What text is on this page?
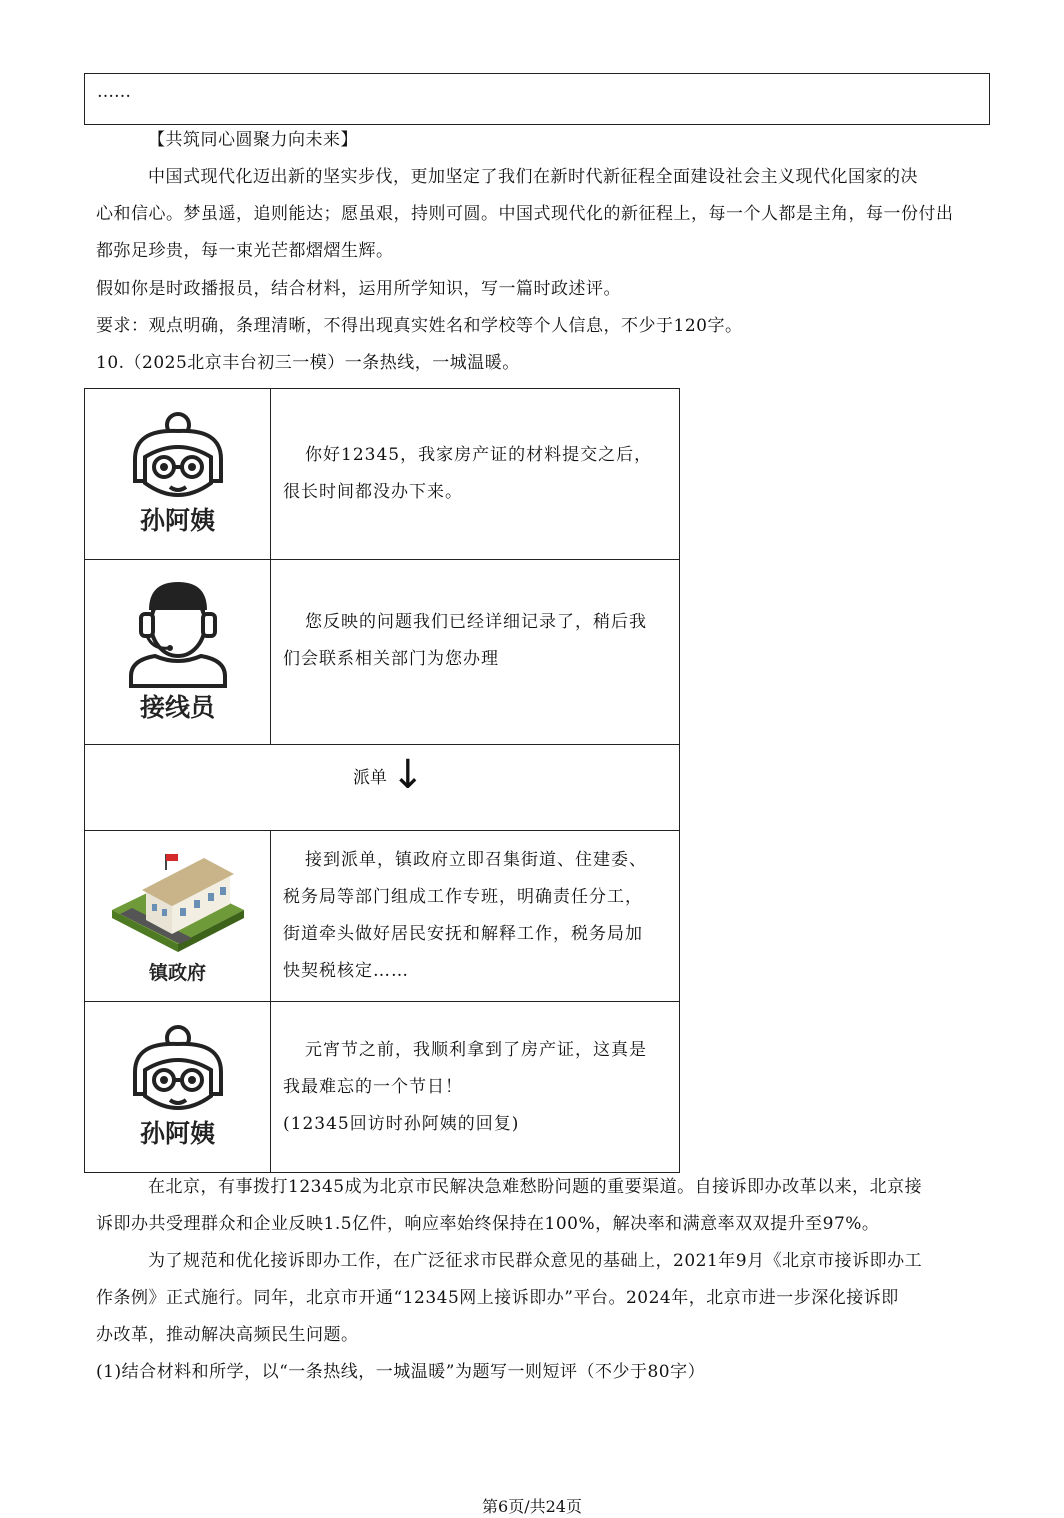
……
【共筑同心圆聚力向未来】
中国式现代化迈出新的坚实步伐，更加坚定了我们在新时代新征程全面建设社会主义现代化国家的决
心和信心。梦虽遥，追则能达；愿虽艰，持则可圆。中国式现代化的新征程上，每一个人都是主角，每一份付出
都弥足珍贵，每一束光芒都熠熠生辉。
假如你是时政播报员，结合材料，运用所学知识，写一篇时政述评。
要求：观点明确，条理清晰，不得出现真实姓名和学校等个人信息，不少于120字。
10.（2025北京丰台初三一模）一条热线，一城温暖。
孙阿姨	你好12345，我家房产证的材料提交之后，
很长时间都没办下来。

接线员	您反映的问题我们已经详细记录了，稍后我
们会联系相关部门为您办理

派单 ↓	

镇政府	接到派单，镇政府立即召集街道、住建委、
税务局等部门组成工作专班，明确责任分工，
街道牵头做好居民安抚和解释工作，税务局加
快契税核定……

孙阿姨	元宵节之前，我顺利拿到了房产证，这真是
我最难忘的一个节日！
(12345回访时孙阿姨的回复)
在北京，有事拨打12345成为北京市民解决急难愁盼问题的重要渠道。自接诉即办改革以来，北京接
诉即办共受理群众和企业反映1.5亿件，响应率始终保持在100%，解决率和满意率双双提升至97%。
为了规范和优化接诉即办工作，在广泛征求市民群众意见的基础上，2021年9月《北京市接诉即办工
作条例》正式施行。同年，北京市开通“12345网上接诉即办”平台。2024年，北京市进一步深化接诉即
办改革，推动解决高频民生问题。
(1)结合材料和所学，以“一条热线，一城温暖”为题写一则短评（不少于80字）
第6页/共24页
